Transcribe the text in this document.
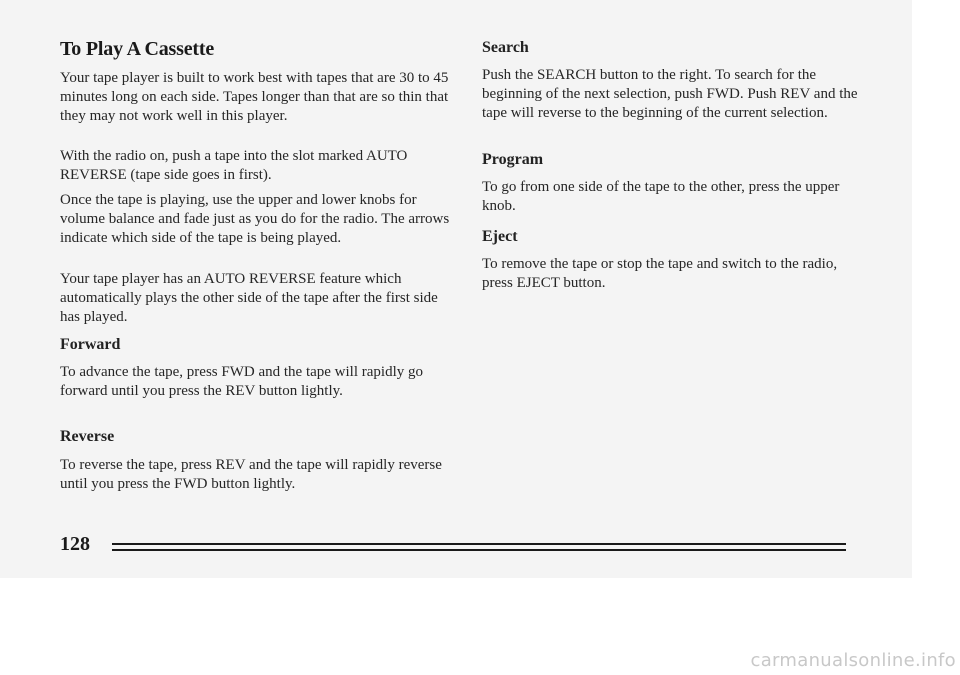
To Play A Cassette

Your tape player is built to work best with tapes that are 30 to 45 minutes long on each side. Tapes longer than that are so thin that they may not work well in this player.

With the radio on, push a tape into the slot marked AUTO REVERSE (tape side goes in first).

Once the tape is playing, use the upper and lower knobs for volume balance and fade just as you do for the radio. The arrows indicate which side of the tape is being played.

Your tape player has an AUTO REVERSE feature which automatically plays the other side of the tape after the first side has played.

Forward

To advance the tape, press FWD and the tape will rapidly go forward until you press the REV button lightly.

Reverse

To reverse the tape, press REV and the tape will rapidly reverse until you press the FWD button lightly.

Search

Push the SEARCH button to the right. To search for the beginning of the next selection, push FWD. Push REV and the tape will reverse to the beginning of the current selection.

Program

To go from one side of the tape to the other, press the upper knob.

Eject

To remove the tape or stop the tape and switch to the radio, press EJECT button.

128
carmanualsonline.info
